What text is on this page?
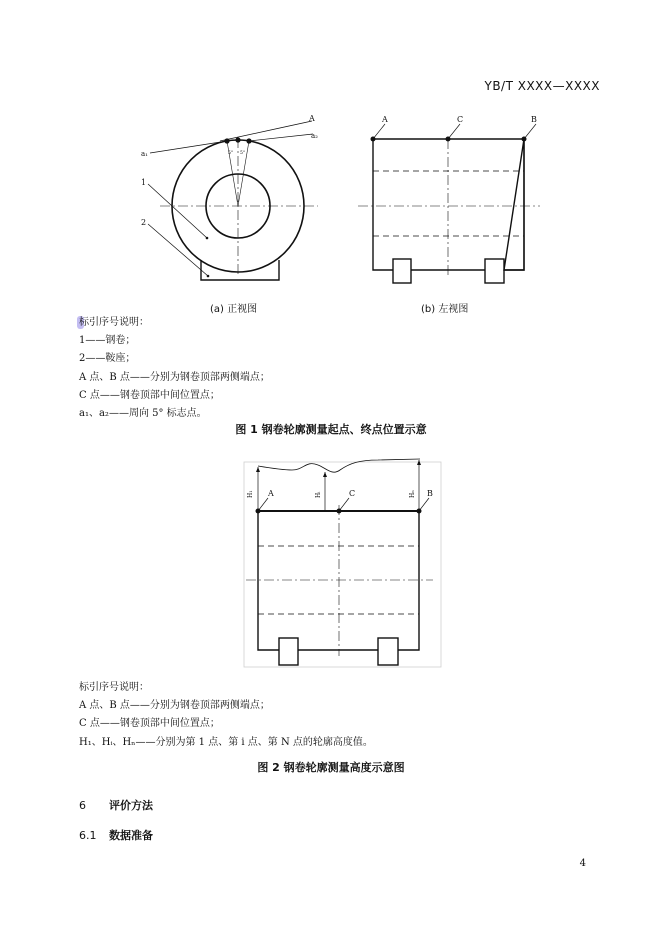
YB/T XXXX—XXXX
A
a₂
a₁
1
2
5° 5°
A	C	B
(a) 正视图	(b) 左视图
标引序号说明：
1——钢卷；
2——鞍座；
A 点、B 点——分别为钢卷顶部两侧端点；
C 点——钢卷顶部中间位置点；
a₁、a₂——周向 5° 标志点。
图 1 钢卷轮廓测量起点、终点位置示意
A	C	B
H₁	Hᵢ	Hₙ
标引序号说明：
A 点、B 点——分别为钢卷顶部两侧端点；
C 点——钢卷顶部中间位置点；
H₁、Hᵢ、Hₙ——分别为第 1 点、第 i 点、第 N 点的轮廓高度值。
图 2 钢卷轮廓测量高度示意图
6 评价方法
6.1 数据准备
4
